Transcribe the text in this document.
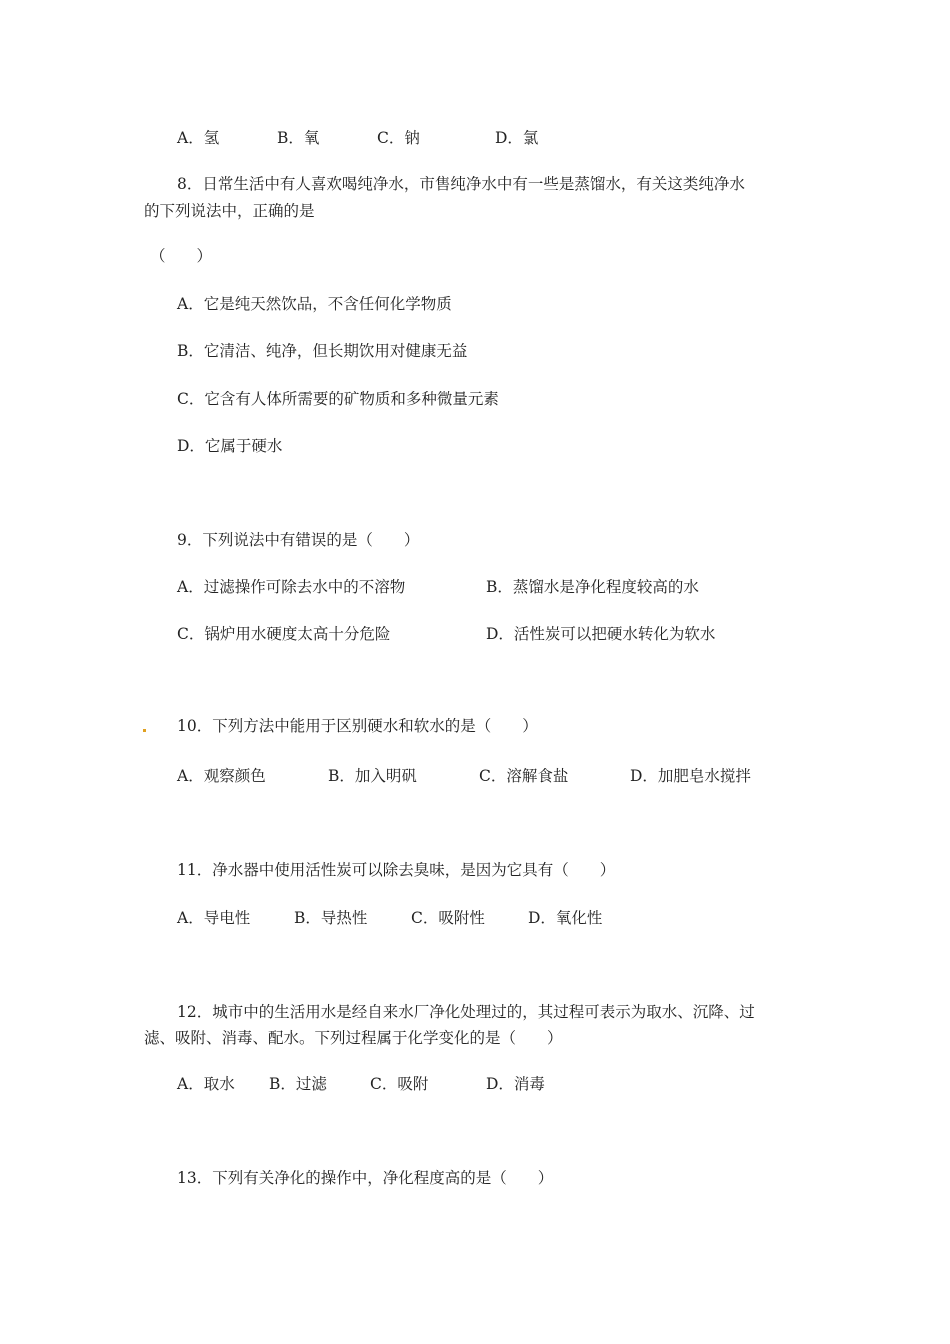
A．氢	B．氧	C．钠	D．氯
8．日常生活中有人喜欢喝纯净水，市售纯净水中有一些是蒸馏水，有关这类纯净水
的下列说法中，正确的是
（　　）
A．它是纯天然饮品，不含任何化学物质
B．它清洁、纯净，但长期饮用对健康无益
C．它含有人体所需要的矿物质和多种微量元素
D．它属于硬水
9．下列说法中有错误的是（　　）
A．过滤操作可除去水中的不溶物	B．蒸馏水是净化程度较高的水
C．锅炉用水硬度太高十分危险	D．活性炭可以把硬水转化为软水
10．下列方法中能用于区别硬水和软水的是（　　）
A．观察颜色	B．加入明矾	C．溶解食盐	D．加肥皂水搅拌
11．净水器中使用活性炭可以除去臭味，是因为它具有（　　）
A．导电性	B．导热性	C．吸附性	D．氧化性
12．城市中的生活用水是经自来水厂净化处理过的，其过程可表示为取水、沉降、过
滤、吸附、消毒、配水。下列过程属于化学变化的是（　　）
A．取水 B．过滤	C．吸附	D．消毒
13．下列有关净化的操作中，净化程度高的是（　　）
